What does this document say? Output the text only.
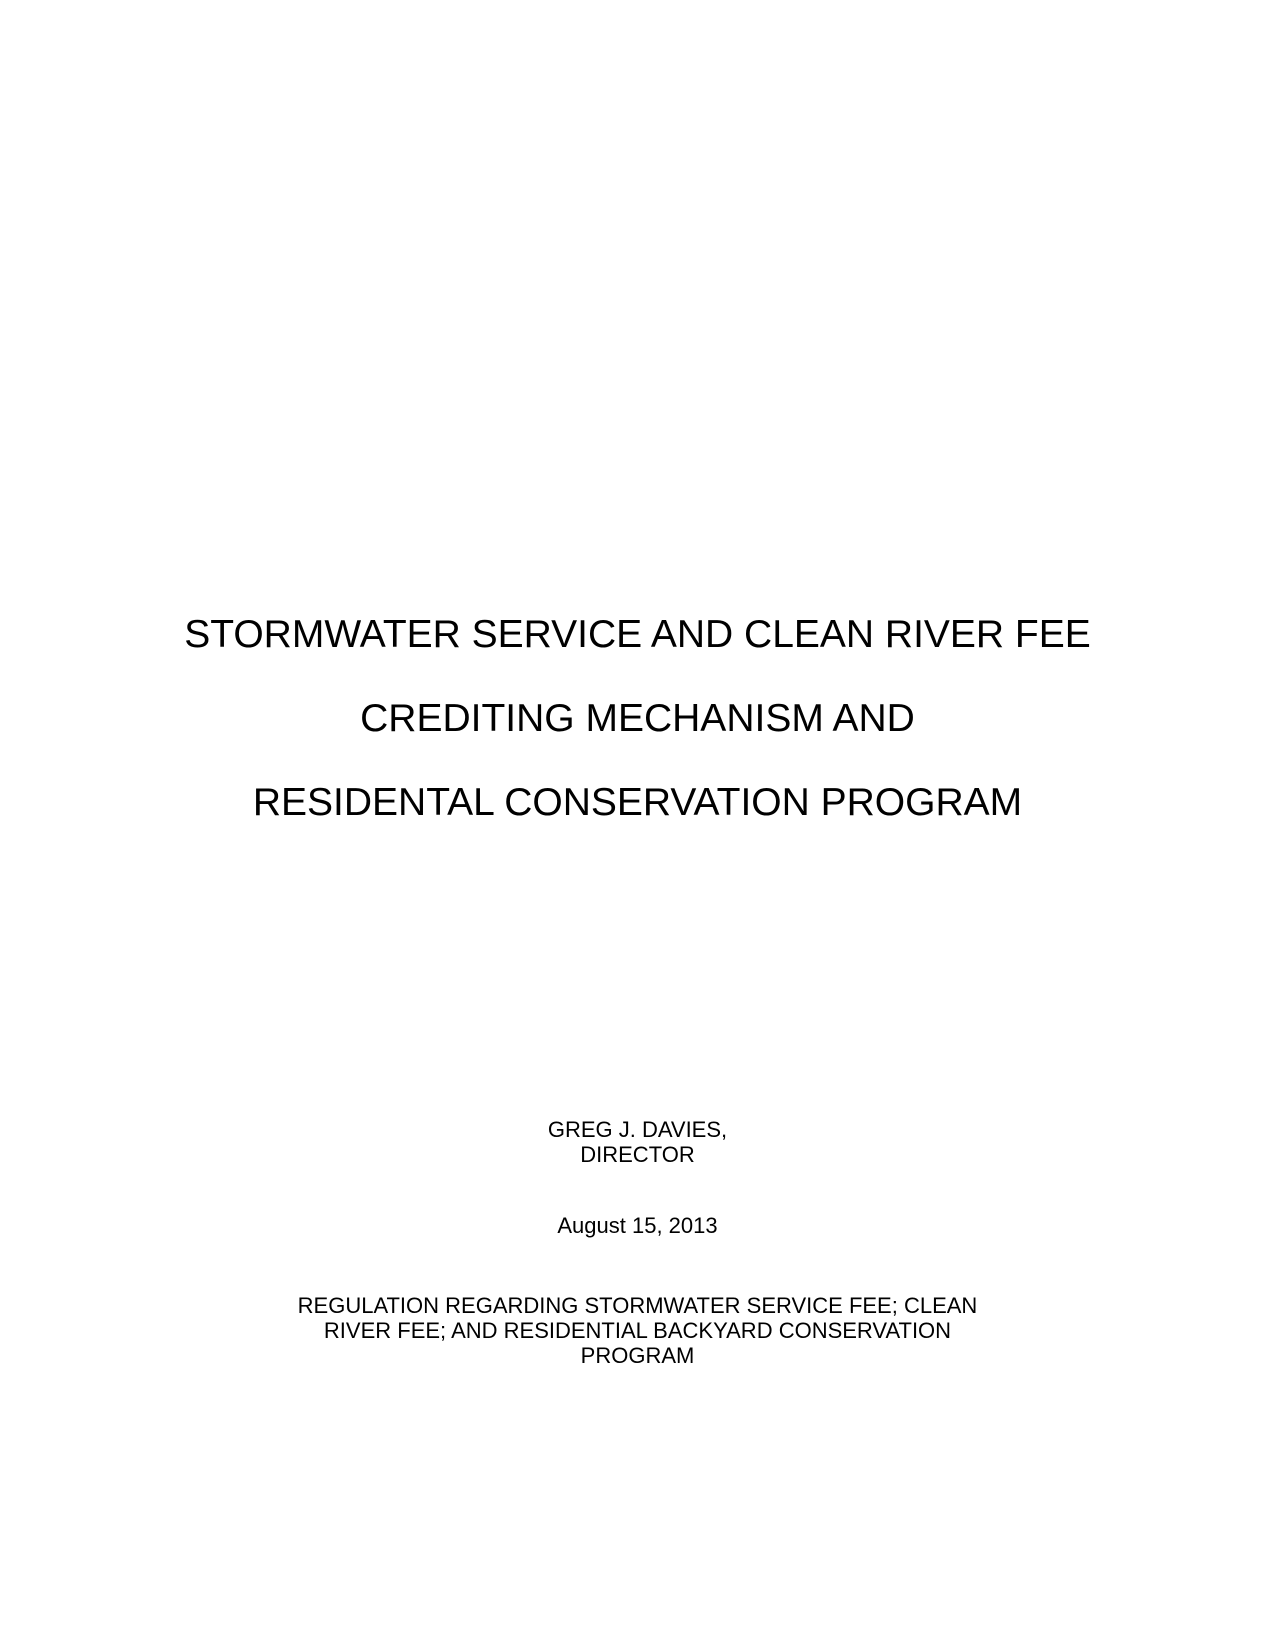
STORMWATER SERVICE AND CLEAN RIVER FEE
CREDITING MECHANISM AND
RESIDENTAL CONSERVATION PROGRAM
GREG J. DAVIES,
DIRECTOR
August 15, 2013
REGULATION REGARDING STORMWATER SERVICE FEE; CLEAN
RIVER FEE; AND RESIDENTIAL BACKYARD CONSERVATION
PROGRAM
